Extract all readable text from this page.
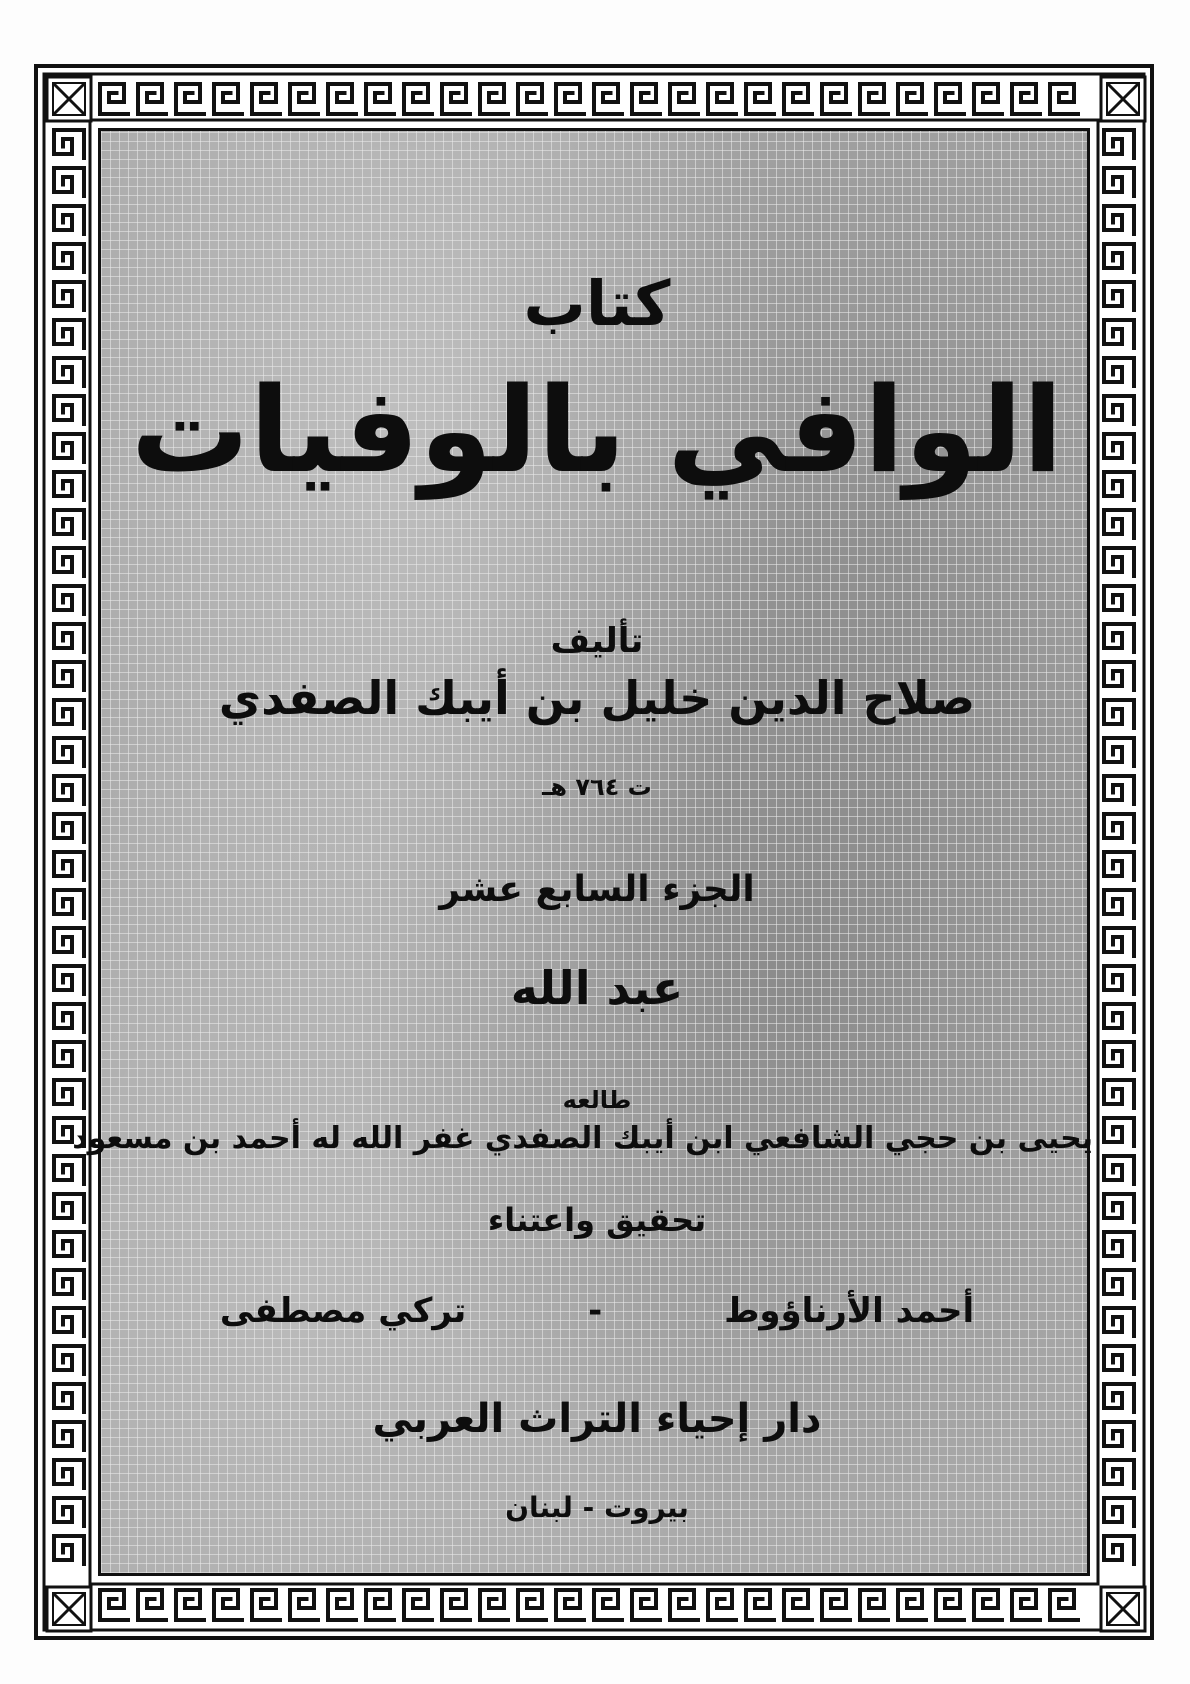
كتاب
الوافي بالوفيات
تأليف
صلاح الدين خليل بن أيبك الصفدي
ت ٧٦٤ هـ
الجزء السابع عشر
عبد الله
طالعه
يحيى بن حجي الشافعي ابن أيبك الصفدي غفر الله له أحمد بن مسعود
تحقيق واعتناء
أحمد الأرناؤوط - تركي مصطفى
دار إحياء التراث العربي
بيروت - لبنان
